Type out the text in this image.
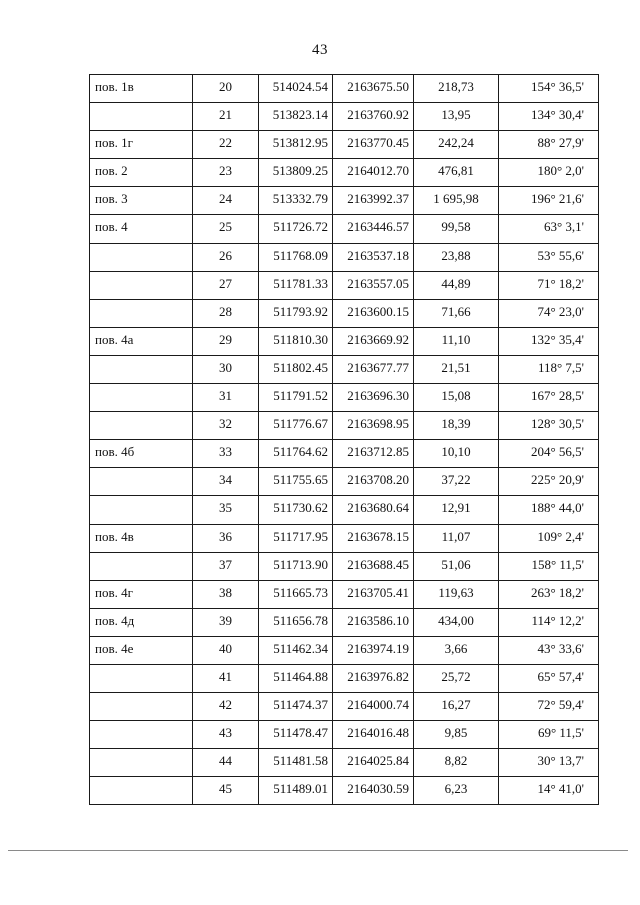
43
пов. 1в	20	514024.54	2163675.50	218,73	154° 36,5'
	21	513823.14	2163760.92	13,95	134° 30,4'
пов. 1г	22	513812.95	2163770.45	242,24	88° 27,9'
пов. 2	23	513809.25	2164012.70	476,81	180° 2,0'
пов. 3	24	513332.79	2163992.37	1 695,98	196° 21,6'
пов. 4	25	511726.72	2163446.57	99,58	63° 3,1'
	26	511768.09	2163537.18	23,88	53° 55,6'
	27	511781.33	2163557.05	44,89	71° 18,2'
	28	511793.92	2163600.15	71,66	74° 23,0'
пов. 4а	29	511810.30	2163669.92	11,10	132° 35,4'
	30	511802.45	2163677.77	21,51	118° 7,5'
	31	511791.52	2163696.30	15,08	167° 28,5'
	32	511776.67	2163698.95	18,39	128° 30,5'
пов. 4б	33	511764.62	2163712.85	10,10	204° 56,5'
	34	511755.65	2163708.20	37,22	225° 20,9'
	35	511730.62	2163680.64	12,91	188° 44,0'
пов. 4в	36	511717.95	2163678.15	11,07	109° 2,4'
	37	511713.90	2163688.45	51,06	158° 11,5'
пов. 4г	38	511665.73	2163705.41	119,63	263° 18,2'
пов. 4д	39	511656.78	2163586.10	434,00	114° 12,2'
пов. 4е	40	511462.34	2163974.19	3,66	43° 33,6'
	41	511464.88	2163976.82	25,72	65° 57,4'
	42	511474.37	2164000.74	16,27	72° 59,4'
	43	511478.47	2164016.48	9,85	69° 11,5'
	44	511481.58	2164025.84	8,82	30° 13,7'
	45	511489.01	2164030.59	6,23	14° 41,0'
